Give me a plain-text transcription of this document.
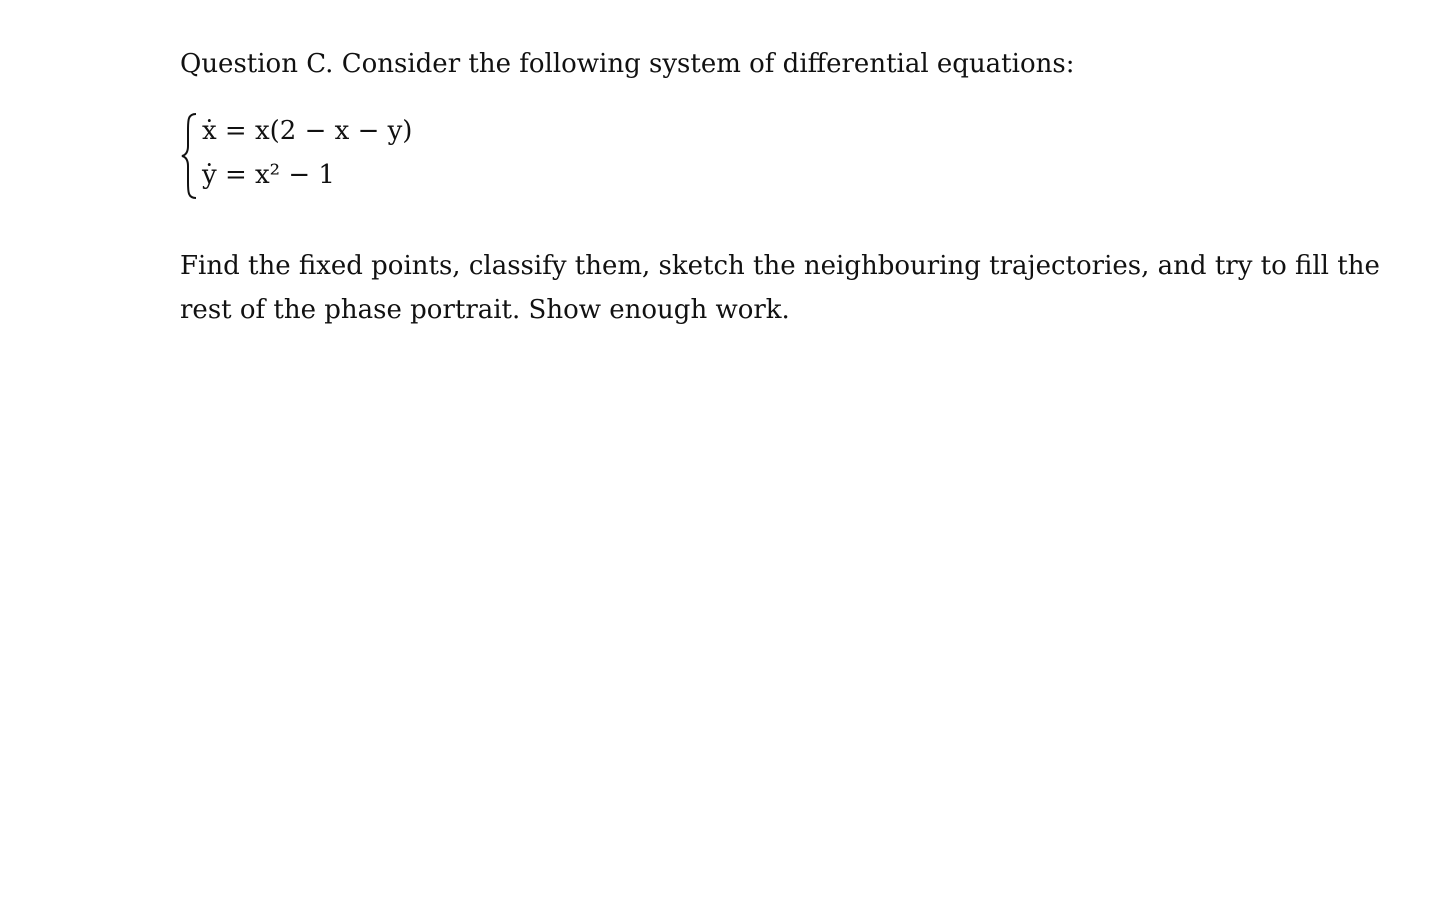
Question C. Consider the following system of differential equations:
ẋ = x(2 − x − y)
ẏ = x² − 1
Find the fixed points, classify them, sketch the neighbouring trajectories, and try to fill the
rest of the phase portrait. Show enough work.
